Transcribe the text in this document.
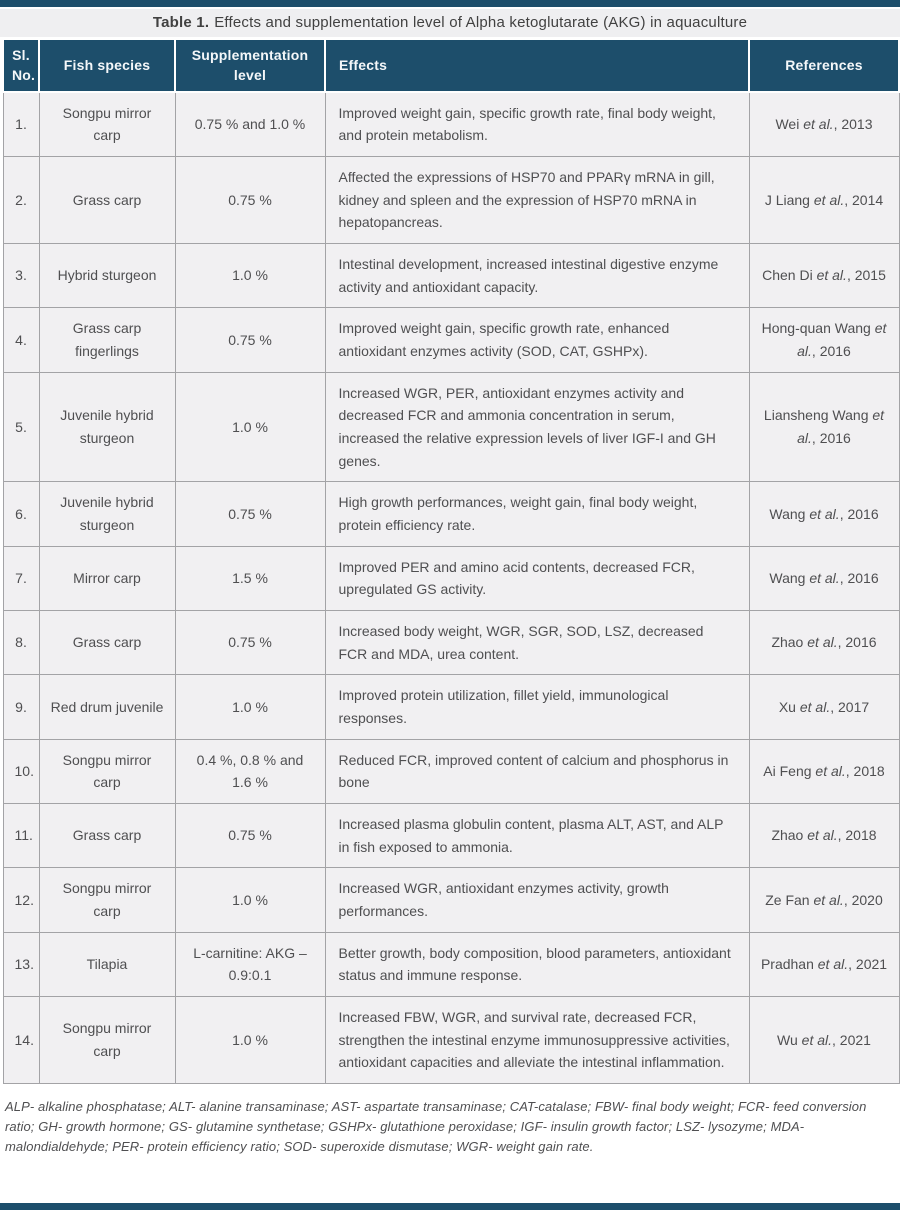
Table 1. Effects and supplementation level of Alpha ketoglutarate (AKG) in aquaculture
Sl. No.	Fish species	Supplementation level	Effects	References
1.	Songpu mirror carp	0.75 % and 1.0 %	Improved weight gain, specific growth rate, final body weight, and protein metabolism.	Wei et al., 2013
2.	Grass carp	0.75 %	Affected the expressions of HSP70 and PPARγ mRNA in gill, kidney and spleen and the expression of HSP70 mRNA in hepatopancreas.	J Liang et al., 2014
3.	Hybrid sturgeon	1.0 %	Intestinal development, increased intestinal digestive enzyme activity and antioxidant capacity.	Chen Di et al., 2015
4.	Grass carp fingerlings	0.75 %	Improved weight gain, specific growth rate, enhanced antioxidant enzymes activity (SOD, CAT, GSHPx).	Hong-quan Wang et al., 2016
5.	Juvenile hybrid sturgeon	1.0 %	Increased WGR, PER, antioxidant enzymes activity and decreased FCR and ammonia concentration in serum, increased the relative expression levels of liver IGF-I and GH genes.	Liansheng Wang et al., 2016
6.	Juvenile hybrid sturgeon	0.75 %	High growth performances, weight gain, final body weight, protein efficiency rate.	Wang et al., 2016
7.	Mirror carp	1.5 %	Improved PER and amino acid contents, decreased FCR, upregulated GS activity.	Wang et al., 2016
8.	Grass carp	0.75 %	Increased body weight, WGR, SGR, SOD, LSZ, decreased FCR and MDA, urea content.	Zhao et al., 2016
9.	Red drum juvenile	1.0 %	Improved protein utilization, fillet yield, immunological responses.	Xu et al., 2017
10.	Songpu mirror carp	0.4 %, 0.8 % and 1.6 %	Reduced FCR, improved content of calcium and phosphorus in bone	Ai Feng et al., 2018
11.	Grass carp	0.75 %	Increased plasma globulin content, plasma ALT, AST, and ALP in fish exposed to ammonia.	Zhao et al., 2018
12.	Songpu mirror carp	1.0 %	Increased WGR, antioxidant enzymes activity, growth performances.	Ze Fan et al., 2020
13.	Tilapia	L-carnitine: AKG – 0.9:0.1	Better growth, body composition, blood parameters, antioxidant status and immune response.	Pradhan et al., 2021
14.	Songpu mirror carp	1.0 %	Increased FBW, WGR, and survival rate, decreased FCR, strengthen the intestinal enzyme immunosuppressive activities, antioxidant capacities and alleviate the intestinal inflammation.	Wu et al., 2021

ALP- alkaline phosphatase; ALT- alanine transaminase; AST- aspartate transaminase; CAT-catalase; FBW- final body weight; FCR- feed conversion ratio; GH- growth hormone; GS- glutamine synthetase; GSHPx- glutathione peroxidase; IGF- insulin growth factor; LSZ- lysozyme; MDA- malondialdehyde; PER- protein efficiency ratio; SOD- superoxide dismutase; WGR- weight gain rate.
